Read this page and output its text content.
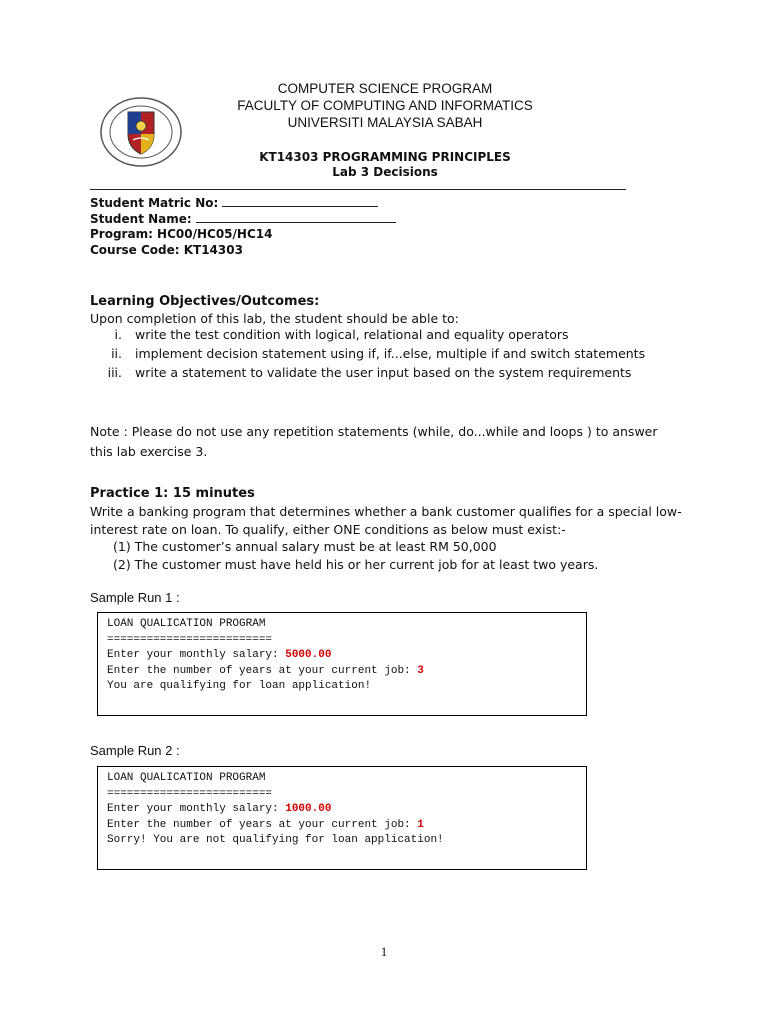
COMPUTER SCIENCE PROGRAM
FACULTY OF COMPUTING AND INFORMATICS
UNIVERSITI MALAYSIA SABAH
KT14303 PROGRAMMING PRINCIPLES
Lab 3 Decisions
Student Matric No:
Student Name:
Program: HC00/HC05/HC14
Course Code: KT14303
Learning Objectives/Outcomes:
Upon completion of this lab, the student should be able to:
i.	write the test condition with logical, relational and equality operators
ii.	implement decision statement using if, if...else, multiple if and switch statements
iii.	write a statement to validate the user input based on the system requirements
Note : Please do not use any repetition statements (while, do...while and loops ) to answer this lab exercise 3.
Practice 1: 15 minutes
Write a banking program that determines whether a bank customer qualifies for a special low-interest rate on loan. To qualify, either ONE conditions as below must exist:-
(1) The customer’s annual salary must be at least RM 50,000
(2) The customer must have held his or her current job for at least two years.
Sample Run 1 :
LOAN QUALICATION PROGRAM
=========================
Enter your monthly salary: 5000.00
Enter the number of years at your current job: 3
You are qualifying for loan application!
Sample Run 2 :
LOAN QUALICATION PROGRAM
=========================
Enter your monthly salary: 1000.00
Enter the number of years at your current job: 1
Sorry! You are not qualifying for loan application!
1
